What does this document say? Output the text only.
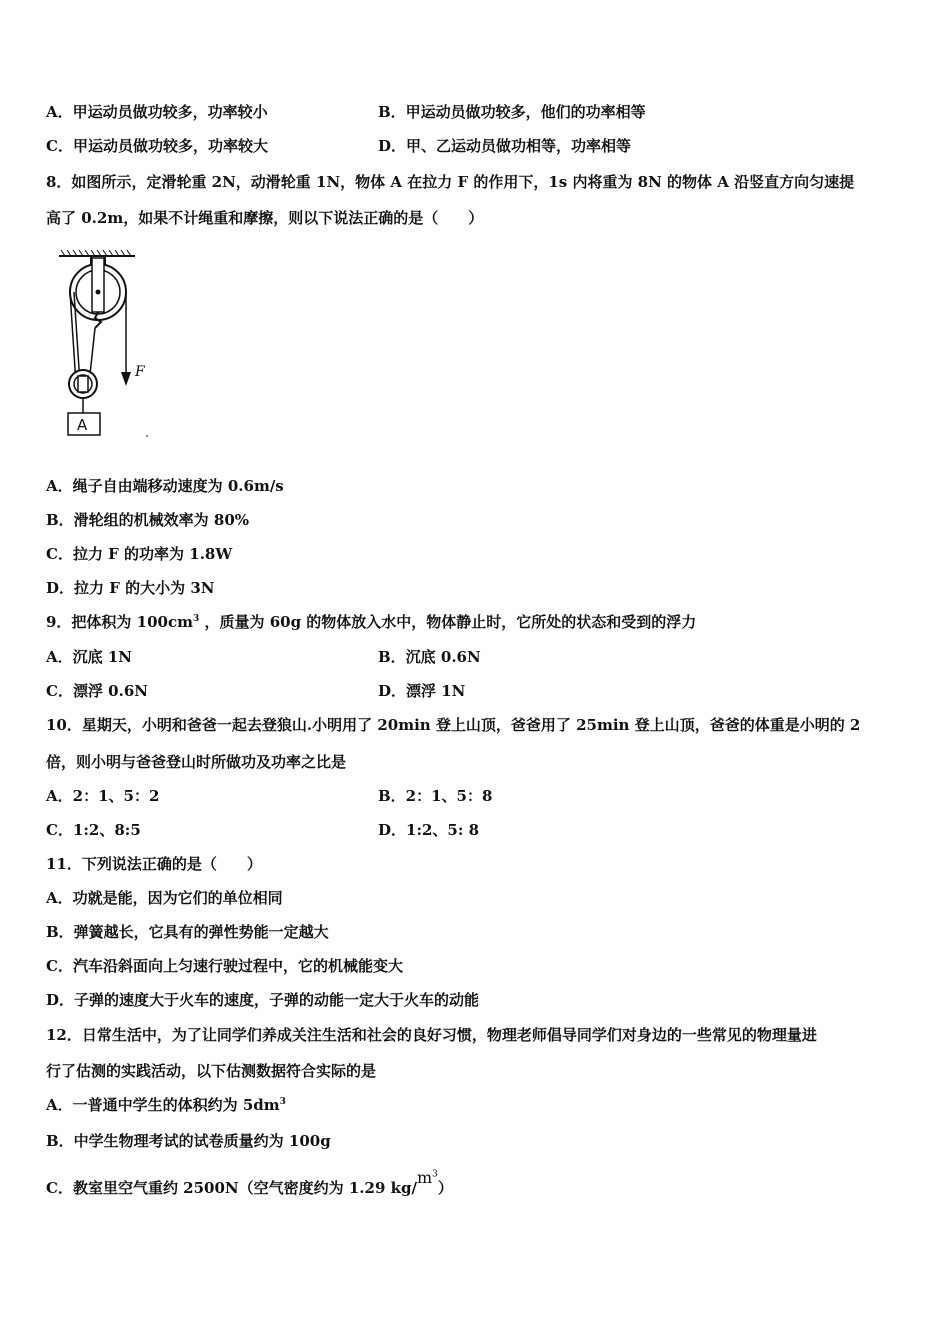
A．甲运动员做功较多，功率较小	B．甲运动员做功较多，他们的功率相等
C．甲运动员做功较多，功率较大	D．甲、乙运动员做功相等，功率相等
8．如图所示，定滑轮重 2N，动滑轮重 1N，物体 A 在拉力 F 的作用下，1s 内将重为 8N 的物体 A 沿竖直方向匀速提
高了 0.2m，如果不计绳重和摩擦，则以下说法正确的是（　　）
F
A
A．绳子自由端移动速度为 0.6m/s
B．滑轮组的机械效率为 80%
C．拉力 F 的功率为 1.8W
D．拉力 F 的大小为 3N
9．把体积为 $100cm^3$ ，质量为 60g 的物体放入水中，物体静止时，它所处的状态和受到的浮力
A．沉底 1N	B．沉底 0.6N
C．漂浮 0.6N	D．漂浮 1N
10．星期天，小明和爸爸一起去登狼山.小明用了 20min 登上山顶，爸爸用了 25min 登上山顶，爸爸的体重是小明的 2
倍，则小明与爸爸登山时所做功及功率之比是
A．2：1、5：2	B．2：1、5：8
C．1:2、8:5	D．1:2、5: 8
11．下列说法正确的是（　　）
A．功就是能，因为它们的单位相同
B．弹簧越长，它具有的弹性势能一定越大
C．汽车沿斜面向上匀速行驶过程中，它的机械能变大
D．子弹的速度大于火车的速度，子弹的动能一定大于火车的动能
12．日常生活中，为了让同学们养成关注生活和社会的良好习惯，物理老师倡导同学们对身边的一些常见的物理量进
行了估测的实践活动，以下估测数据符合实际的是
A．一普通中学生的体积约为 $5dm^3$
B．中学生物理考试的试卷质量约为 100g
C．教室里空气重约 2500N（空气密度约为 1.29 $kg/m^3$）
